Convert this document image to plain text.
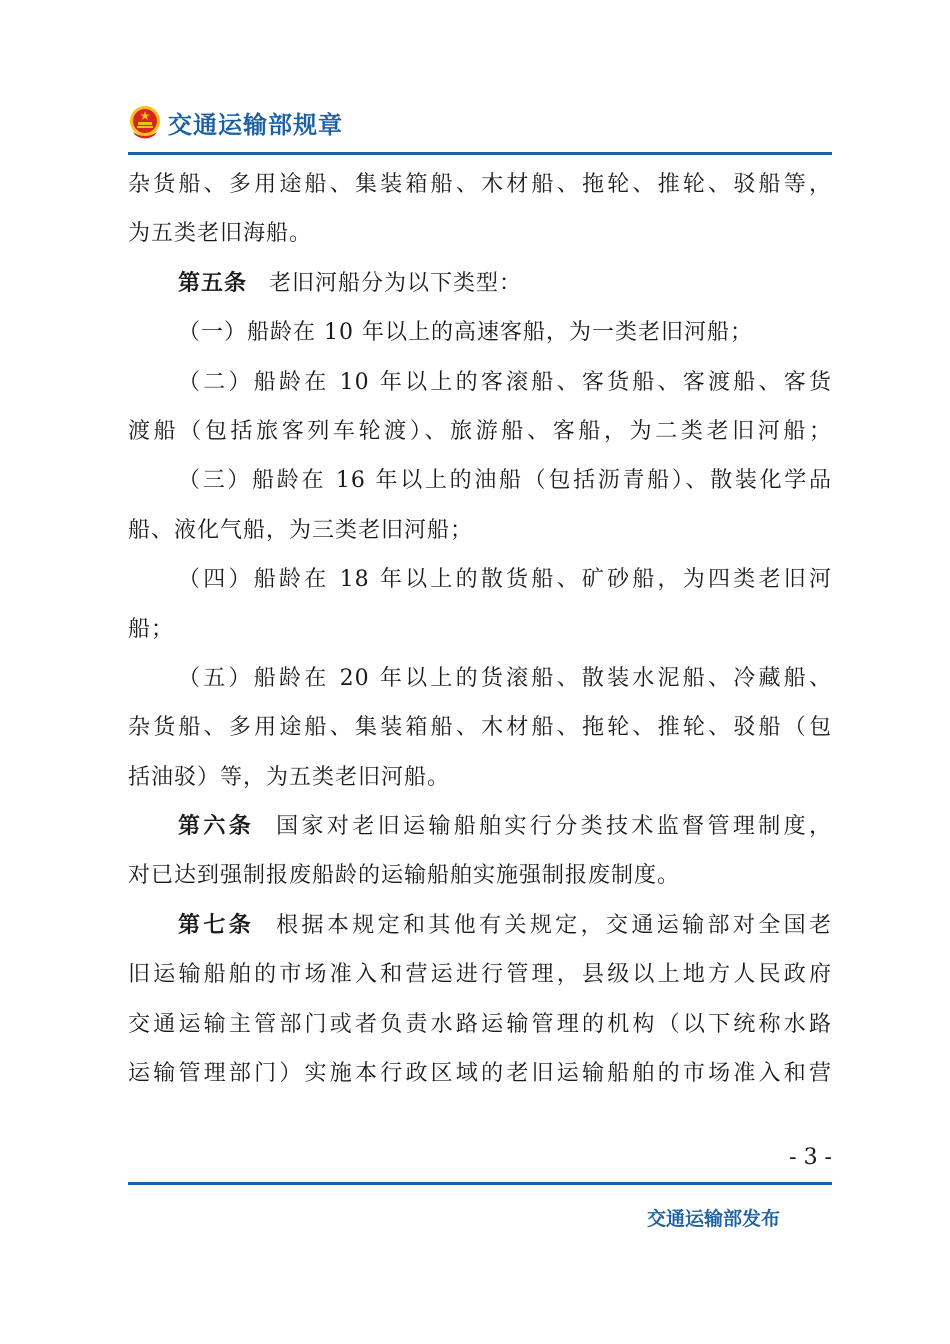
交通运输部规章
杂货船、多用途船、集装箱船、木材船、拖轮、推轮、驳船等，
为五类老旧海船。
第五条 老旧河船分为以下类型：
（一）船龄在 10 年以上的高速客船，为一类老旧河船；
（二）船龄在 10 年以上的客滚船、客货船、客渡船、客货
渡船（包括旅客列车轮渡）、旅游船、客船，为二类老旧河船；
（三）船龄在 16 年以上的油船（包括沥青船）、散装化学品
船、液化气船，为三类老旧河船；
（四）船龄在 18 年以上的散货船、矿砂船，为四类老旧河
船；
（五）船龄在 20 年以上的货滚船、散装水泥船、冷藏船、
杂货船、多用途船、集装箱船、木材船、拖轮、推轮、驳船（包
括油驳）等，为五类老旧河船。
第六条 国家对老旧运输船舶实行分类技术监督管理制度，
对已达到强制报废船龄的运输船舶实施强制报废制度。
第七条 根据本规定和其他有关规定，交通运输部对全国老
旧运输船舶的市场准入和营运进行管理，县级以上地方人民政府
交通运输主管部门或者负责水路运输管理的机构（以下统称水路
运输管理部门）实施本行政区域的老旧运输船舶的市场准入和营
- 3 -
交通运输部发布
